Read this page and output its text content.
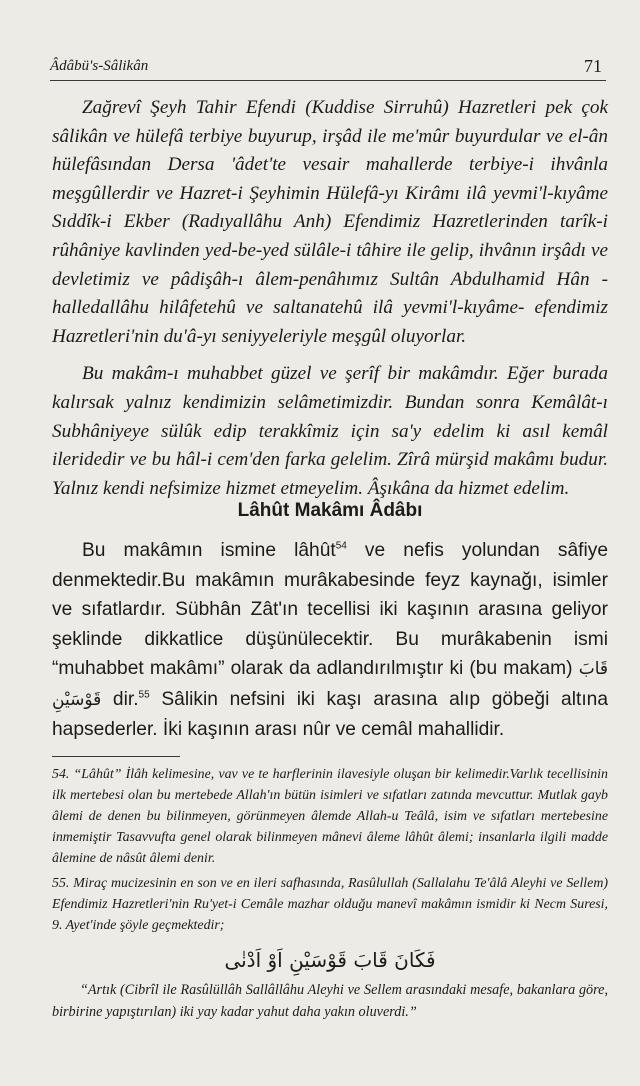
Âdâbü's-Sâlikân	71

Zağrevî Şeyh Tahir Efendi (Kuddise Sirruhû) Hazretleri pek çok sâlikân ve hülefâ terbiye buyurup, irşâd ile me'mûr buyurdular ve el-ân hülefâsından Dersa 'âdet'te vesair mahallerde terbiye-i ihvânla meşgûllerdir ve Hazret-i Şeyhimin Hülefâ-yı Kirâmı ilâ yevmi'l-kıyâme Sıddîk-i Ekber (Radıyallâhu Anh) Efendimiz Hazretlerinden tarîk-i rûhâniye kavlinden yed-be-yed sülâle-i tâhire ile gelip, ihvânın irşâdı ve devletimiz ve pâdişâh-ı âlem-penâhımız Sultân Abdulhamid Hân -halledallâhu hilâfetehû ve saltanatehû ilâ yevmi'l-kıyâme- efendimiz Hazretleri'nin du'â-yı seniyyeleriyle meşgûl oluyorlar.

Bu makâm-ı muhabbet güzel ve şerîf bir makâmdır. Eğer burada kalırsak yalnız kendimizin selâmetimizdir. Bundan sonra Kemâlât-ı Subhâniyeye sülûk edip terakkîmiz için sa'y edelim ki asıl kemâl ileridedir ve bu hâl-i cem'den farka gelelim. Zîrâ mürşid makâmı budur. Yalnız kendi nefsimize hizmet etmeyelim. Âşıkâna da hizmet edelim.

Lâhût Makâmı Âdâbı

Bu makâmın ismine lâhût$^{54}$ ve nefis yolundan sâfiye denmektedir.Bu makâmın murâkabesinde feyz kaynağı, isimler ve sıfatlardır. Sübhân Zât'ın tecellisi iki kaşının arasına geliyor şeklinde dikkatlice düşünülecektir. Bu murâkabenin ismi “muhabbet makâmı” olarak da adlandırılmıştır ki (bu makam) قَابَ قَوْسَيْنِ dir.$^{55}$ Sâlikin nefsini iki kaşı arasına alıp göbeği altına hapsederler. İki kaşının arası nûr ve cemâl mahallidir.

54. “Lâhût” İlâh kelimesine, vav ve te harflerinin ilavesiyle oluşan bir kelimedir.Varlık tecellisinin ilk mertebesi olan bu mertebede Allah'ın bütün isimleri ve sıfatları zatında mevcuttur. Mutlak gayb âlemi de denen bu bilinmeyen, görünmeyen âlemde Allah-u Teâlâ, isim ve sıfatları mertebesine inmemiştir Tasavvufta genel olarak bilinmeyen mânevi âleme lâhût âlemi; insanlarla ilgili madde âlemine de nâsût âlemi denir.

55. Miraç mucizesinin en son ve en ileri safhasında, Rasûlullah (Sallalahu Te'âlâ Aleyhi ve Sellem) Efendimiz Hazretleri'nin Ru'yet-i Cemâle mazhar olduğu manevî makâmın ismidir ki Necm Suresi, 9. Ayet'inde şöyle geçmektedir;

فَكَانَ قَابَ قَوْسَيْنِ اَوْ اَدْنٰى
“Artık (Cibrîl ile Rasûlüllâh Sallâllâhu Aleyhi ve Sellem arasındaki mesafe, bakanlara göre, birbirine yapıştırılan) iki yay kadar yahut daha yakın oluverdi.”
